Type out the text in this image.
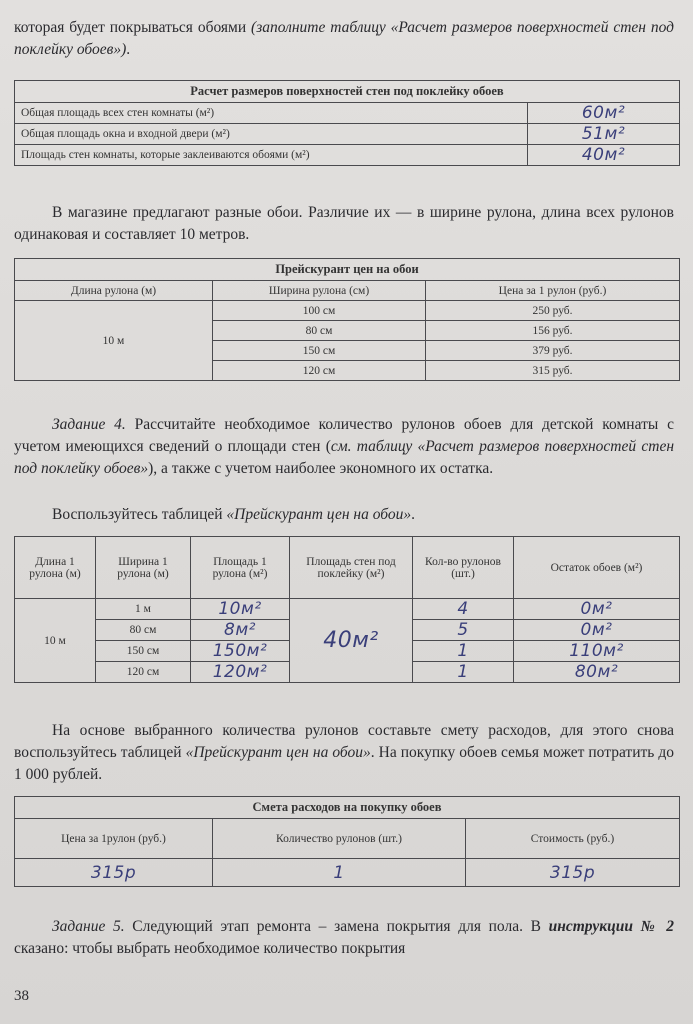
которая будет покрываться обоями (заполните таблицу «Расчет размеров поверхностей стен под поклейку обоев»).
Расчет размеров поверхностей стен под поклейку обоев	
Общая площадь всех стен комнаты (м²)	60м²
Общая площадь окна и входной двери (м²)	51м²
Площадь стен комнаты, которые заклеиваются обоями (м²)	40м²
В магазине предлагают разные обои. Различие их — в ширине рулона, длина всех рулонов одинаковая и составляет 10 метров.
Прейскурант цен на обои		
Длина рулона (м)	Ширина рулона (см)	Цена за 1 рулон (руб.)
10 м	100 см	250 руб.
	80 см	156 руб.
	150 см	379 руб.
	120 см	315 руб.
Задание 4. Рассчитайте необходимое количество рулонов обоев для детской комнаты с учетом имеющихся сведений о площади стен (см. таблицу «Расчет размеров поверхностей стен под поклейку обоев»), а также с учетом наиболее экономного их остатка.
Воспользуйтесь таблицей «Прейскурант цен на обои».
Длина 1 рулона (м)	Ширина 1 рулона (м)	Площадь 1 рулона (м²)	Площадь стен под поклейку (м²)	Кол-во рулонов (шт.)	Остаток обоев (м²)
10 м	1 м	10м²	40м²	4	0м²
	80 см	8м²		5	0м²
	150 см	150м²		1	110м²
	120 см	120м²		1	80м²
На основе выбранного количества рулонов составьте смету расходов, для этого снова воспользуйтесь таблицей «Прейскурант цен на обои». На покупку обоев семья может потратить до 1 000 рублей.
Смета расходов на покупку обоев		
Цена за 1рулон (руб.)	Количество рулонов (шт.)	Стоимость (руб.)
315р	1	315р
Задание 5. Следующий этап ремонта – замена покрытия для пола. В инструкции № 2 сказано: чтобы выбрать необходимое количество покрытия
38
